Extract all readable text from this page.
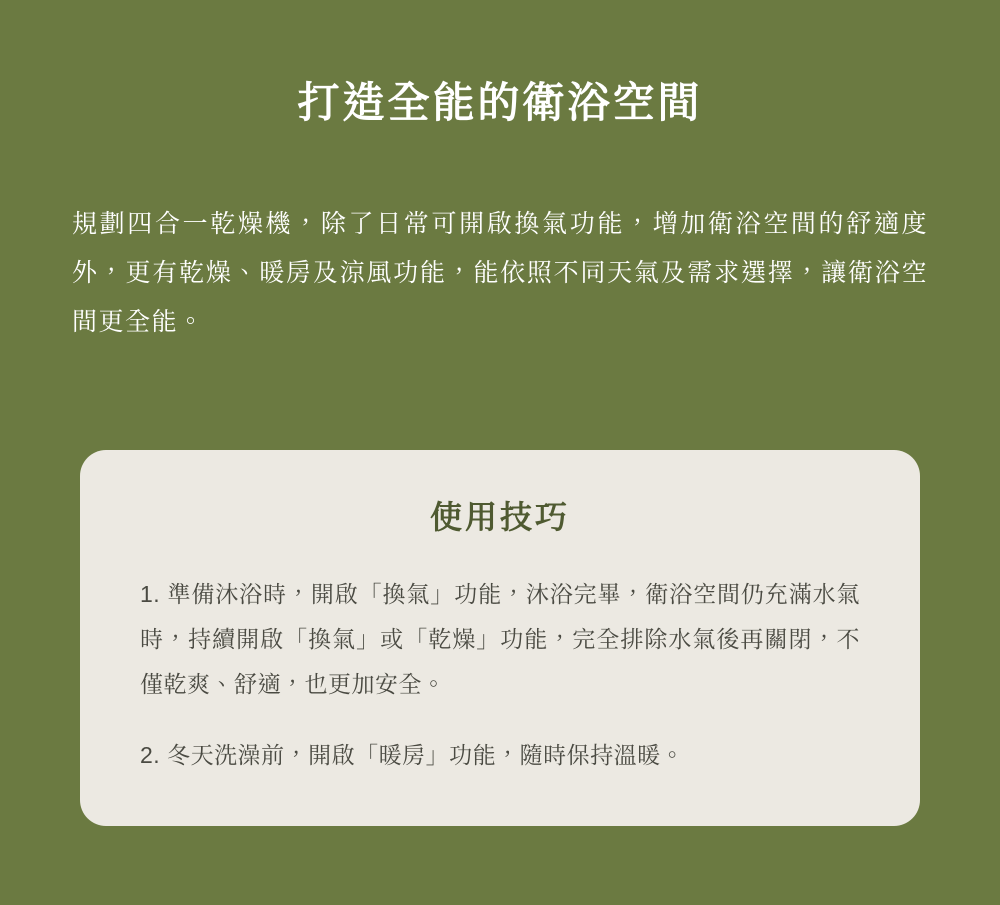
打造全能的衛浴空間

規劃四合一乾燥機，除了日常可開啟換氣功能，增加衛浴空間的舒適度外，更有乾燥、暖房及涼風功能，能依照不同天氣及需求選擇，讓衛浴空間更全能。

使用技巧

1. 準備沐浴時，開啟「換氣」功能，沐浴完畢，衛浴空間仍充滿水氣時，持續開啟「換氣」或「乾燥」功能，完全排除水氣後再關閉，不僅乾爽、舒適，也更加安全。

2. 冬天洗澡前，開啟「暖房」功能，隨時保持溫暖。
